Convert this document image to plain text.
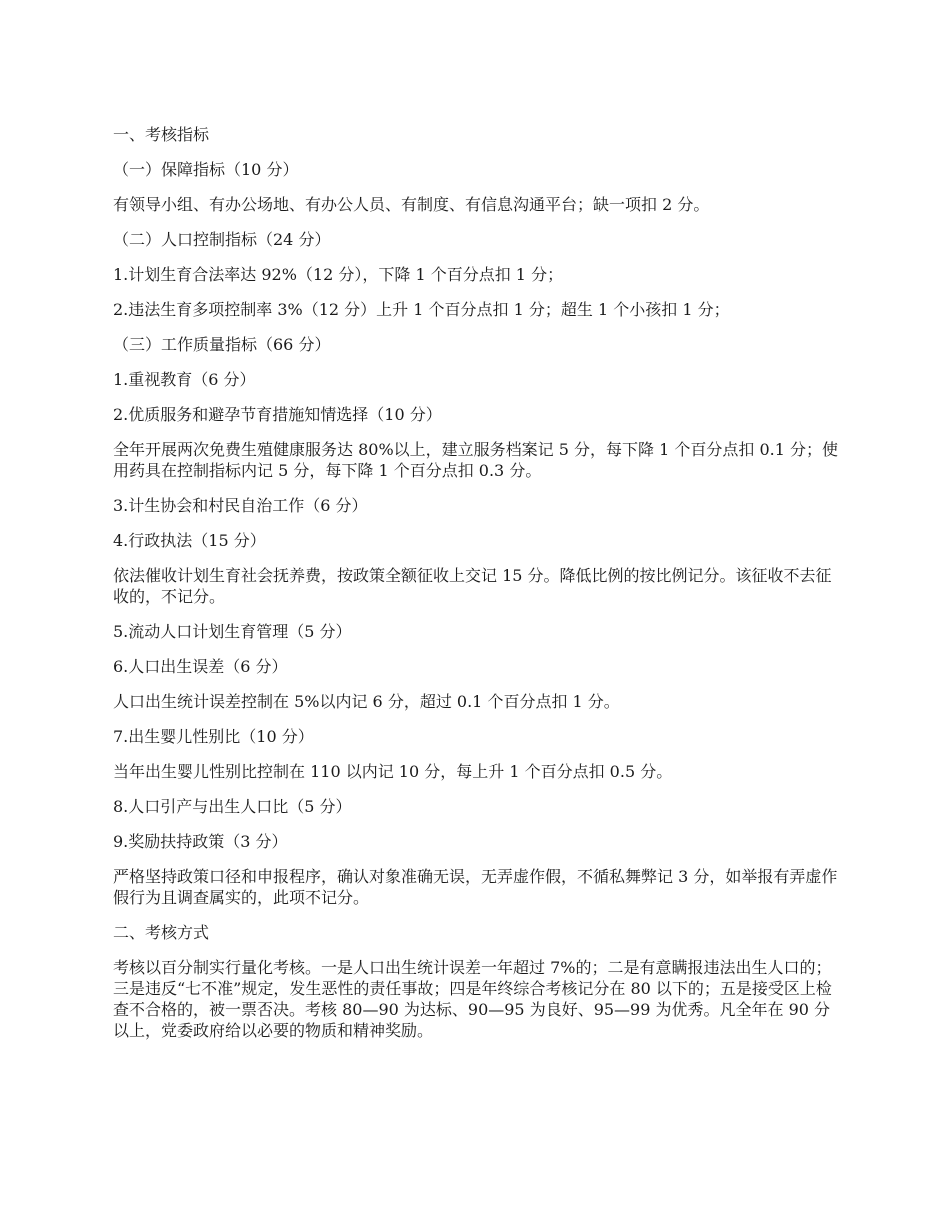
一、考核指标

（一）保障指标（10 分）

有领导小组、有办公场地、有办公人员、有制度、有信息沟通平台；缺一项扣 2 分。

（二）人口控制指标（24 分）

1.计划生育合法率达 92%（12 分），下降 1 个百分点扣 1 分；

2.违法生育多项控制率 3%（12 分）上升 1 个百分点扣 1 分；超生 1 个小孩扣 1 分；

（三）工作质量指标（66 分）

1.重视教育（6 分）

2.优质服务和避孕节育措施知情选择（10 分）

全年开展两次免费生殖健康服务达 80%以上，建立服务档案记 5 分，每下降 1 个百分点扣 0.1 分；使用药具在控制指标内记 5 分，每下降 1 个百分点扣 0.3 分。

3.计生协会和村民自治工作（6 分）

4.行政执法（15 分）

依法催收计划生育社会抚养费，按政策全额征收上交记 15 分。降低比例的按比例记分。该征收不去征收的，不记分。

5.流动人口计划生育管理（5 分）

6.人口出生误差（6 分）

人口出生统计误差控制在 5%以内记 6 分，超过 0.1 个百分点扣 1 分。

7.出生婴儿性别比（10 分）

当年出生婴儿性别比控制在 110 以内记 10 分，每上升 1 个百分点扣 0.5 分。

8.人口引产与出生人口比（5 分）

9.奖励扶持政策（3 分）

严格坚持政策口径和申报程序，确认对象准确无误，无弄虚作假，不循私舞弊记 3 分，如举报有弄虚作假行为且调查属实的，此项不记分。

二、考核方式

考核以百分制实行量化考核。一是人口出生统计误差一年超过 7%的；二是有意瞒报违法出生人口的；三是违反“七不准”规定，发生恶性的责任事故；四是年终综合考核记分在 80 以下的；五是接受区上检查不合格的，被一票否决。考核 80—90 为达标、90—95 为良好、95—99 为优秀。凡全年在 90 分以上，党委政府给以必要的物质和精神奖励。
